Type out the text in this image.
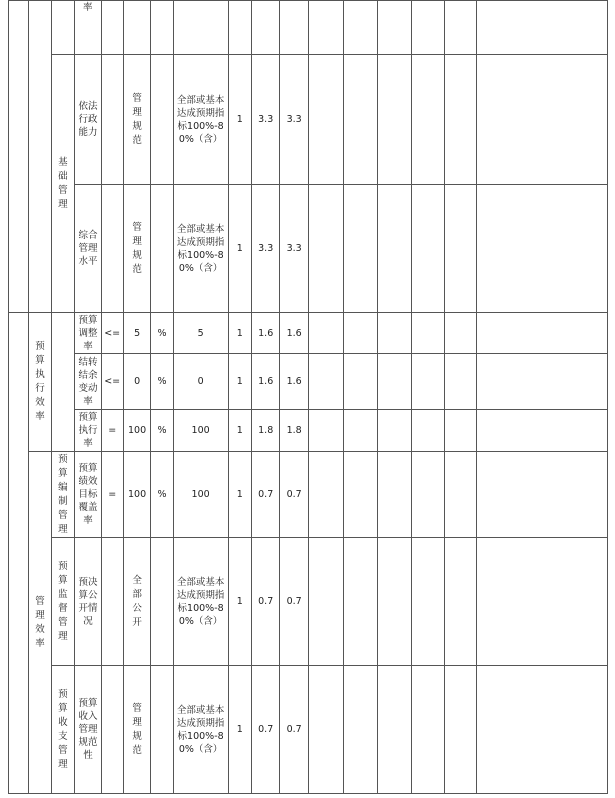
			率													
		基础管理	依法行政能力		管理规范		全部或基本达成预期指标100%-80%（含）	1	3.3	3.3						
			综合管理水平		管理规范		全部或基本达成预期指标100%-80%（含）	1	3.3	3.3						
	预算执行效率		预算调整率	<=	5	%	5	1	1.6	1.6						
			结转结余变动率	<=	0	%	0	1	1.6	1.6						
			预算执行率	=	100	%	100	1	1.8	1.8						
	管理效率	预算编制管理	预算绩效目标覆盖率	=	100	%	100	1	0.7	0.7						
		预算监督管理	预决算公开情况		全部公开		全部或基本达成预期指标100%-80%（含）	1	0.7	0.7						
		预算收支管理	预算收入管理规范性		管理规范		全部或基本达成预期指标100%-80%（含）	1	0.7	0.7						
